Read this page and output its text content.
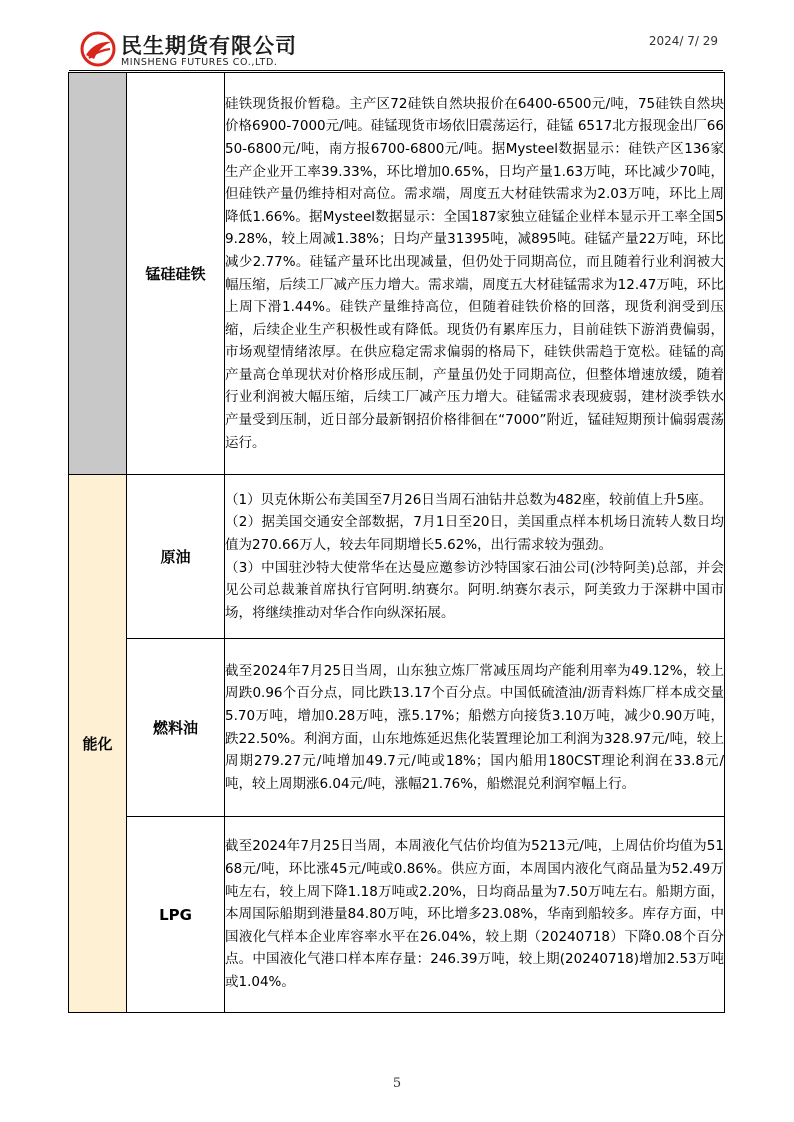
民生期货有限公司
MINSHENG FUTURES CO.,LTD.
2024/ 7/ 29
	锰硅硅铁	硅铁现货报价暂稳。主产区72硅铁自然块报价在6400-6500元/吨，75硅铁自然块价格6900-7000元/吨。硅锰现货市场依旧震荡运行，硅锰 6517北方报现金出厂6650-6800元/吨，南方报6700-6800元/吨。据Mysteel数据显示：硅铁产区136家生产企业开工率39.33%，环比增加0.65%，日均产量1.63万吨，环比减少70吨，但硅铁产量仍维持相对高位。需求端，周度五大材硅铁需求为2.03万吨，环比上周降低1.66%。据Mysteel数据显示：全国187家独立硅锰企业样本显示开工率全国59.28%，较上周减1.38%；日均产量31395吨，减895吨。硅锰产量22万吨，环比减少2.77%。硅锰产量环比出现减量，但仍处于同期高位，而且随着行业利润被大幅压缩，后续工厂减产压力增大。需求端，周度五大材硅锰需求为12.47万吨，环比上周下滑1.44%。硅铁产量维持高位，但随着硅铁价格的回落，现货利润受到压缩，后续企业生产积极性或有降低。现货仍有累库压力，目前硅铁下游消费偏弱，市场观望情绪浓厚。在供应稳定需求偏弱的格局下，硅铁供需趋于宽松。硅锰的高产量高仓单现状对价格形成压制，产量虽仍处于同期高位，但整体增速放缓，随着行业利润被大幅压缩，后续工厂减产压力增大。硅锰需求表现疲弱，建材淡季铁水产量受到压制，近日部分最新钢招价格徘徊在“7000”附近，锰硅短期预计偏弱震荡运行。
能化	原油	（1）贝克休斯公布美国至7月26日当周石油钻井总数为482座，较前值上升5座。
（2）据美国交通安全部数据，7月1日至20日，美国重点样本机场日流转人数日均值为270.66万人，较去年同期增长5.62%，出行需求较为强劲。
（3）中国驻沙特大使常华在达曼应邀参访沙特国家石油公司(沙特阿美)总部，并会见公司总裁兼首席执行官阿明.纳赛尔。阿明.纳赛尔表示，阿美致力于深耕中国市场，将继续推动对华合作向纵深拓展。

	燃料油	截至2024年7月25日当周，山东独立炼厂常减压周均产能利用率为49.12%，较上周跌0.96个百分点，同比跌13.17个百分点。中国低硫渣油/沥青料炼厂样本成交量5.70万吨，增加0.28万吨，涨5.17%；船燃方向接货3.10万吨，减少0.90万吨，跌22.50%。利润方面，山东地炼延迟焦化装置理论加工利润为328.97元/吨，较上周期279.27元/吨增加49.7元/吨或18%；国内船用180CST理论利润在33.8元/吨，较上周期涨6.04元/吨，涨幅21.76%，船燃混兑利润窄幅上行。
	LPG	截至2024年7月25日当周，本周液化气估价均值为5213元/吨，上周估价均值为5168元/吨，环比涨45元/吨或0.86%。供应方面，本周国内液化气商品量为52.49万吨左右，较上周下降1.18万吨或2.20%，日均商品量为7.50万吨左右。船期方面，本周国际船期到港量84.80万吨，环比增多23.08%，华南到船较多。库存方面，中国液化气样本企业库容率水平在26.04%，较上期（20240718）下降0.08个百分点。中国液化气港口样本库存量：246.39万吨，较上期(20240718)增加2.53万吨或1.04%。
5
